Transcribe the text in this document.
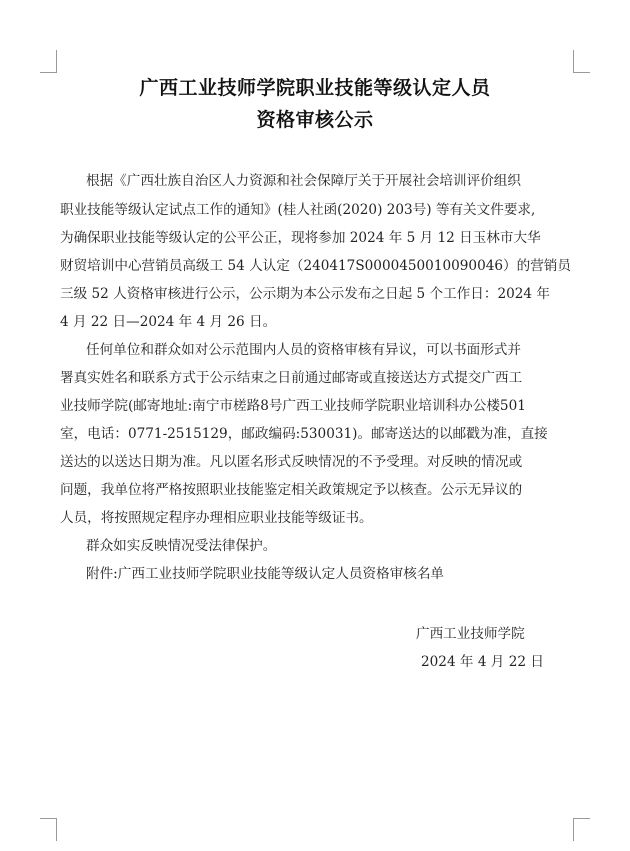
广西工业技师学院职业技能等级认定人员
资格审核公示
根据《广西壮族自治区人力资源和社会保障厅关于开展社会培训评价组织
职业技能等级认定试点工作的通知》(桂人社函(2020) 203号) 等有关文件要求,
为确保职业技能等级认定的公平公正，现将参加 2024 年 5 月 12 日玉林市大华
财贸培训中心营销员高级工 54 人认定（240417S000045001009004​6）的营销员
三级 52 人资格审核进行公示，公示期为本公示发布之日起 5 个工作日：2024 年
4 月 22 日—2024 年 4 月 26 日。
任何单位和群众如对公示范围内人员的资格审核有异议，可以书面形式并
署真实姓名和联系方式于公示结束之日前通过邮寄或直接送达方式提交广西工
业技师学院(邮寄地址:南宁市槎路8号广西工业技师学院职业培训科办公楼501
室，电话：0771-2515129，邮政编码:530031)。邮寄送达的以邮戳为准，直接
送达的以送达日期为准。凡以匿名形式反映情况的不予受理。对反映的情况或
问题，我单位将严格按照职业技能鉴定相关政策规定予以核查。公示无异议的
人员，将按照规定程序办理相应职业技能等级证书。
群众如实反映情况受法律保护。
附件:广西工业技师学院职业技能等级认定人员资格审核名单
广西工业技师学院
2024 年 4 月 22 日
